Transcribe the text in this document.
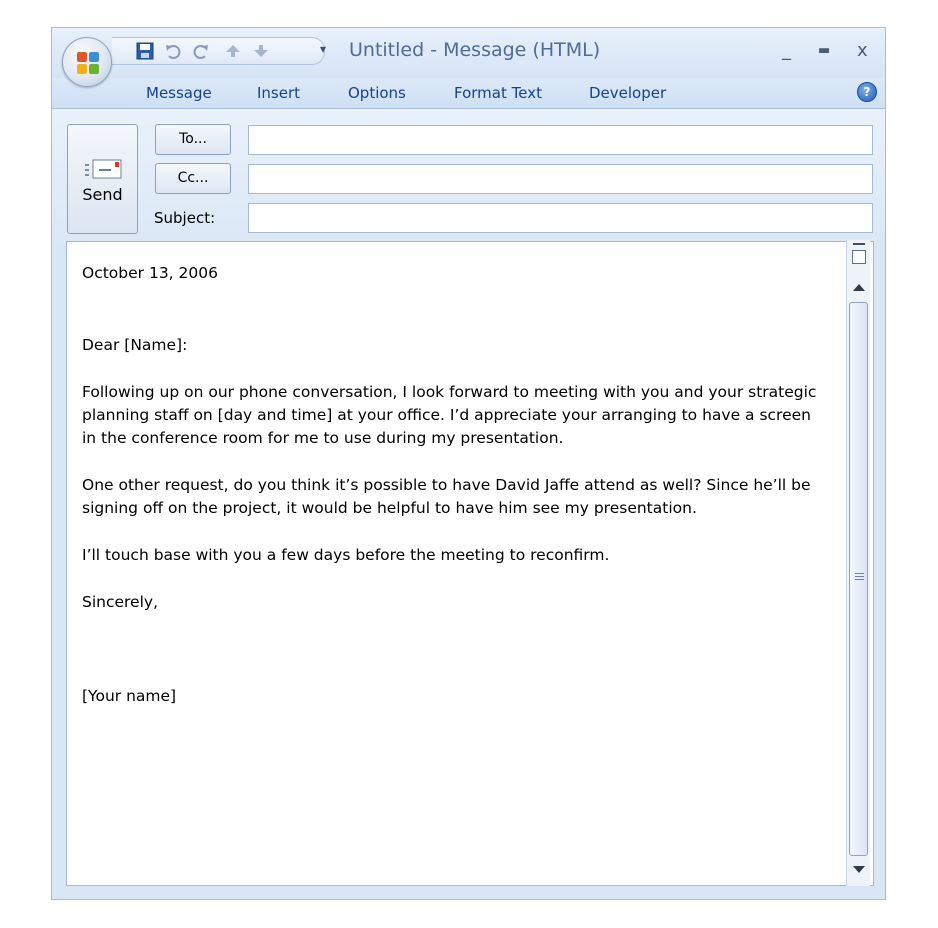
▾ Untitled - Message (HTML)	_ ▬ x
Message	Insert	Options	Format Text	Developer	?
Send
To...
Cc...
Subject:

October 13, 2006

Dear [Name]:

Following up on our phone conversation, I look forward to meeting with you and your strategic planning staff on [day and time] at your office. I’d appreciate your arranging to have a screen in the conference room for me to use during my presentation.

One other request, do you think it’s possible to have David Jaffe attend as well? Since he’ll be signing off on the project, it would be helpful to have him see my presentation.

I’ll touch base with you a few days before the meeting to reconfirm.

Sincerely,

[Your name]
